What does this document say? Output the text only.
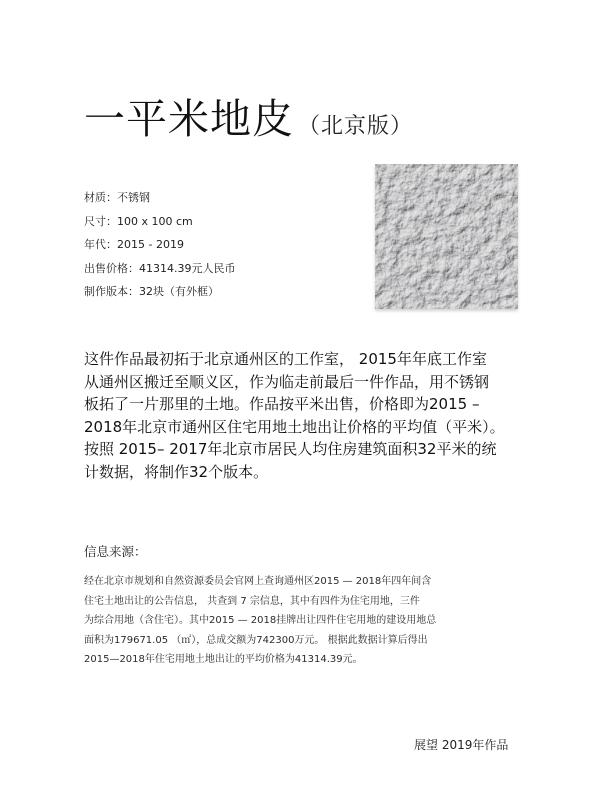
一平米地皮 （北京版）
材质：不锈钢
尺寸：100 x 100 cm
年代：2015 - 2019
出售价格：41314.39元人民币
制作版本：32块（有外框）
这件作品最初拓于北京通州区的工作室， 2015年年底工作室
从通州区搬迁至顺义区，作为临走前最后一件作品，用不锈钢
板拓了一片那里的土地。作品按平米出售，价格即为2015 –
2018年北京市通州区住宅用地土地出让价格的平均值（平米）。
按照 2015– 2017年北京市居民人均住房建筑面积32平米的统
计数据，将制作32个版本。
信息来源：
经在北京市规划和自然资源委员会官网上查询通州区2015 — 2018年四年间含
住宅土地出让的公告信息， 共查到 7 宗信息，其中有四件为住宅用地，三件
为综合用地（含住宅）。其中2015 — 2018挂牌出让四件住宅用地的建设用地总
面积为179671.05 （㎡），总成交额为742300万元。 根据此数据计算后得出
2015—2018年住宅用地土地出让的平均价格为41314.39元。
展望 2019年作品
